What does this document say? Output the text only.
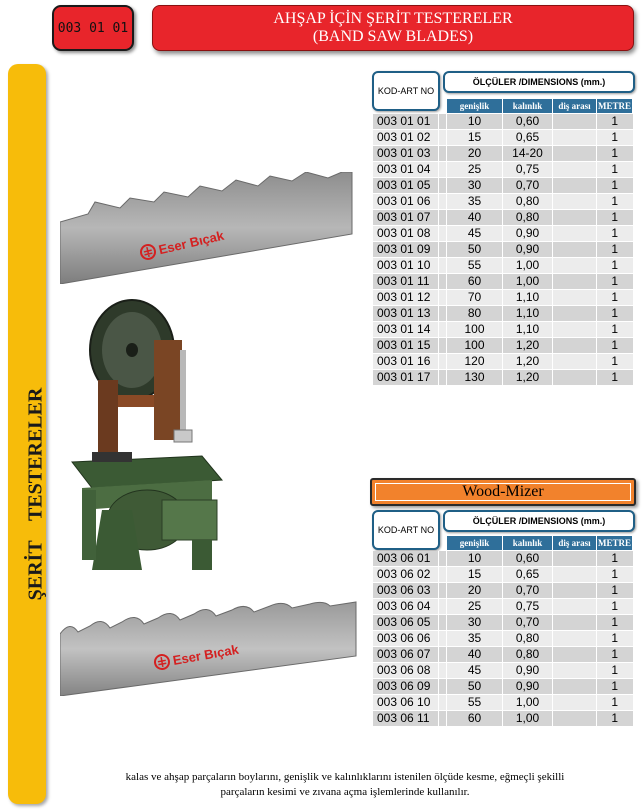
003 01 01
AHŞAP İÇİN ŞERİT TESTERELER
(BAND SAW BLADES)
ŞERİT    TESTERELER
Eser Bıçak
Eser Bıçak
KOD-ART NO
ÖLÇÜLER /DIMENSIONS (mm.)
		genişlik	kalınlık	diş arası	METRE
003 01 01		10	0,60		1
003 01 02		15	0,65		1
003 01 03		20	14-20		1
003 01 04		25	0,75		1
003 01 05		30	0,70		1
003 01 06		35	0,80		1
003 01 07		40	0,80		1
003 01 08		45	0,90		1
003 01 09		50	0,90		1
003 01 10		55	1,00		1
003 01 11		60	1,00		1
003 01 12		70	1,10		1
003 01 13		80	1,10		1
003 01 14		100	1,10		1
003 01 15		100	1,20		1
003 01 16		120	1,20		1
003 01 17		130	1,20		1
Wood-Mizer
KOD-ART NO
ÖLÇÜLER /DIMENSIONS (mm.)
		genişlik	kalınlık	diş arası	METRE
003 06 01		10	0,60		1
003 06 02		15	0,65		1
003 06 03		20	0,70		1
003 06 04		25	0,75		1
003 06 05		30	0,70		1
003 06 06		35	0,80		1
003 06 07		40	0,80		1
003 06 08		45	0,90		1
003 06 09		50	0,90		1
003 06 10		55	1,00		1
003 06 11		60	1,00		1
kalas ve ahşap parçaların boylarını, genişlik ve kalınlıklarını istenilen ölçüde kesme, eğmeçli şekilli
parçaların kesimi ve zıvana açma işlemlerinde kullanılır.
